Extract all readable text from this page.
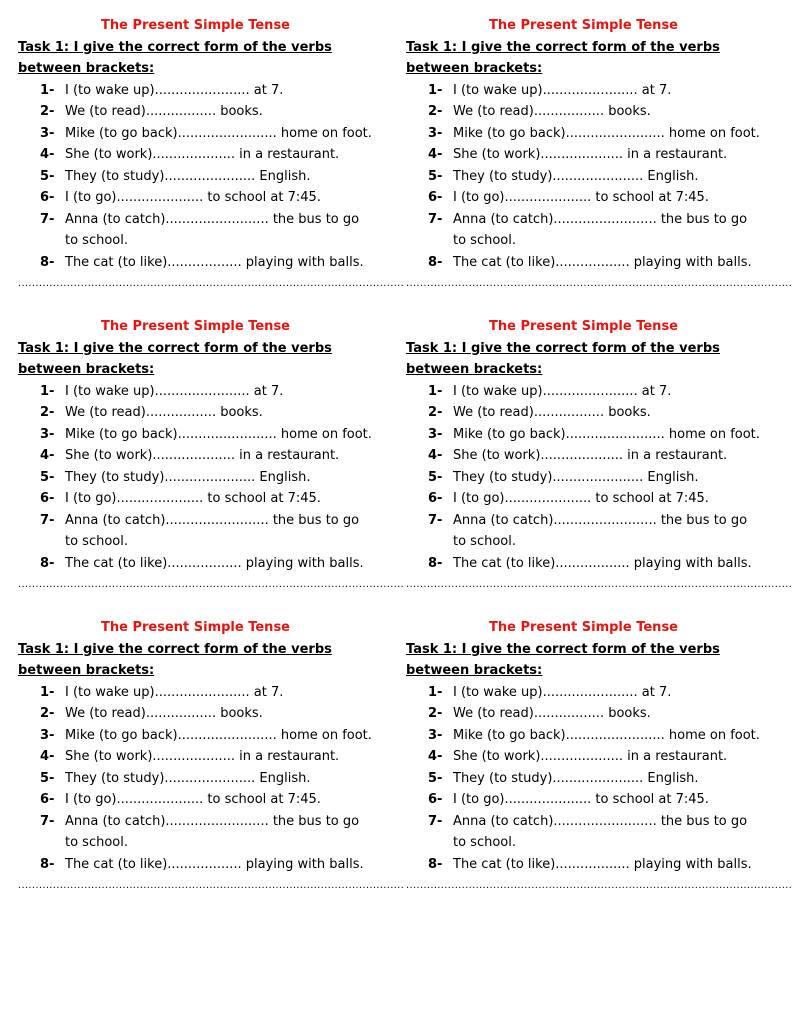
The Present Simple Tense
Task 1: I give the correct form of the verbs
between brackets:
1- I (to wake up)....................... at 7.
2- We (to read)................. books.
3- Mike (to go back)........................ home on foot.
4- She (to work).................... in a restaurant.
5- They (to study)...................... English.
6- I (to go)..................... to school at 7:45.
7- Anna (to catch)......................... the bus to go
to school.
8- The cat (to like).................. playing with balls.
...............................................................................................................
The Present Simple Tense
Task 1: I give the correct form of the verbs
between brackets:
1- I (to wake up)....................... at 7.
2- We (to read)................. books.
3- Mike (to go back)........................ home on foot.
4- She (to work).................... in a restaurant.
5- They (to study)...................... English.
6- I (to go)..................... to school at 7:45.
7- Anna (to catch)......................... the bus to go
to school.
8- The cat (to like).................. playing with balls.
...............................................................................................................
The Present Simple Tense
Task 1: I give the correct form of the verbs
between brackets:
1- I (to wake up)....................... at 7.
2- We (to read)................. books.
3- Mike (to go back)........................ home on foot.
4- She (to work).................... in a restaurant.
5- They (to study)...................... English.
6- I (to go)..................... to school at 7:45.
7- Anna (to catch)......................... the bus to go
to school.
8- The cat (to like).................. playing with balls.
...............................................................................................................
The Present Simple Tense
Task 1: I give the correct form of the verbs
between brackets:
1- I (to wake up)....................... at 7.
2- We (to read)................. books.
3- Mike (to go back)........................ home on foot.
4- She (to work).................... in a restaurant.
5- They (to study)...................... English.
6- I (to go)..................... to school at 7:45.
7- Anna (to catch)......................... the bus to go
to school.
8- The cat (to like).................. playing with balls.
...............................................................................................................
The Present Simple Tense
Task 1: I give the correct form of the verbs
between brackets:
1- I (to wake up)....................... at 7.
2- We (to read)................. books.
3- Mike (to go back)........................ home on foot.
4- She (to work).................... in a restaurant.
5- They (to study)...................... English.
6- I (to go)..................... to school at 7:45.
7- Anna (to catch)......................... the bus to go
to school.
8- The cat (to like).................. playing with balls.
...............................................................................................................
The Present Simple Tense
Task 1: I give the correct form of the verbs
between brackets:
1- I (to wake up)....................... at 7.
2- We (to read)................. books.
3- Mike (to go back)........................ home on foot.
4- She (to work).................... in a restaurant.
5- They (to study)...................... English.
6- I (to go)..................... to school at 7:45.
7- Anna (to catch)......................... the bus to go
to school.
8- The cat (to like).................. playing with balls.
...............................................................................................................
